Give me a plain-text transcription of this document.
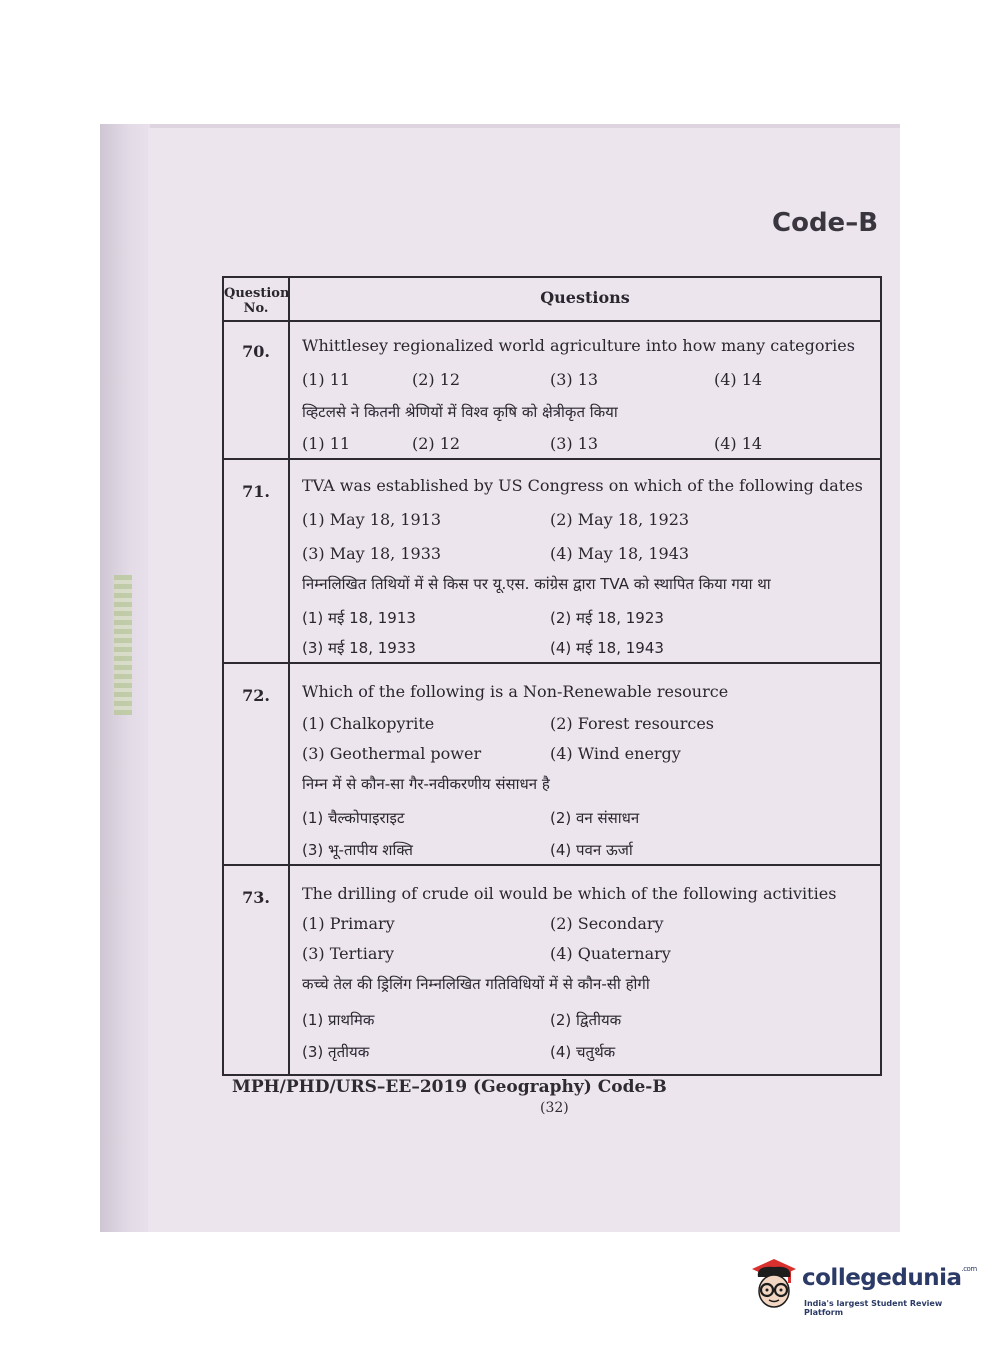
Code–B
Question No.
Questions
70.	Whittlesey regionalized world agriculture into how many categories
(1) 11	(2) 12	(3) 13	(4) 14
व्हिटलसे ने कितनी श्रेणियों में विश्व कृषि को क्षेत्रीकृत किया
(1) 11	(2) 12	(3) 13	(4) 14
71.	TVA was established by US Congress on which of the following dates
(1) May 18, 1913	(2) May 18, 1923
(3) May 18, 1933	(4) May 18, 1943
निम्नलिखित तिथियों में से किस पर यू.एस. कांग्रेस द्वारा TVA को स्थापित किया गया था
(1) मई 18, 1913	(2) मई 18, 1923
(3) मई 18, 1933	(4) मई 18, 1943
72.	Which of the following is a Non-Renewable resource
(1) Chalkopyrite	(2) Forest resources
(3) Geothermal power	(4) Wind energy
निम्न में से कौन-सा गैर-नवीकरणीय संसाधन है
(1) चैल्कोपाइराइट	(2) वन संसाधन
(3) भू-तापीय शक्ति	(4) पवन ऊर्जा
73.	The drilling of crude oil would be which of the following activities
(1) Primary	(2) Secondary
(3) Tertiary	(4) Quaternary
कच्चे तेल की ड्रिलिंग निम्नलिखित गतिविधियों में से कौन-सी होगी
(1) प्राथमिक	(2) द्वितीयक
(3) तृतीयक	(4) चतुर्थक
MPH/PHD/URS–EE–2019 (Geography) Code-B
(32)
collegedunia$^{.com}$
India's largest Student Review Platform
